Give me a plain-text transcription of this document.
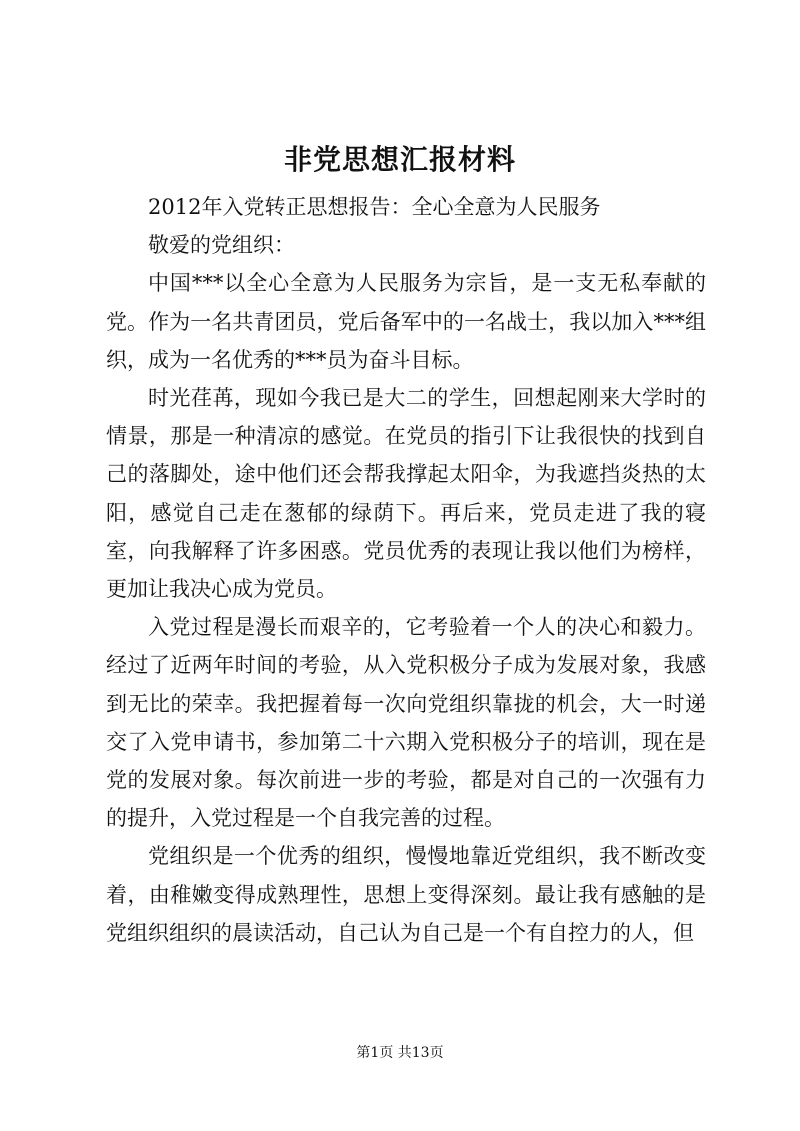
非党思想汇报材料

2012年入党转正思想报告：全心全意为人民服务

敬爱的党组织：

中国***以全心全意为人民服务为宗旨，是一支无私奉献的党。作为一名共青团员，党后备军中的一名战士，我以加入***组织，成为一名优秀的***员为奋斗目标。

时光荏苒，现如今我已是大二的学生，回想起刚来大学时的情景，那是一种清凉的感觉。在党员的指引下让我很快的找到自己的落脚处，途中他们还会帮我撑起太阳伞，为我遮挡炎热的太阳，感觉自己走在葱郁的绿荫下。再后来，党员走进了我的寝室，向我解释了许多困惑。党员优秀的表现让我以他们为榜样，更加让我决心成为党员。

入党过程是漫长而艰辛的，它考验着一个人的决心和毅力。经过了近两年时间的考验，从入党积极分子成为发展对象，我感到无比的荣幸。我把握着每一次向党组织靠拢的机会，大一时递交了入党申请书，参加第二十六期入党积极分子的培训，现在是党的发展对象。每次前进一步的考验，都是对自己的一次强有力的提升，入党过程是一个自我完善的过程。

党组织是一个优秀的组织，慢慢地靠近党组织，我不断改变着，由稚嫩变得成熟理性，思想上变得深刻。最让我有感触的是党组织组织的晨读活动，自己认为自己是一个有自控力的人，但

第1页 共13页
